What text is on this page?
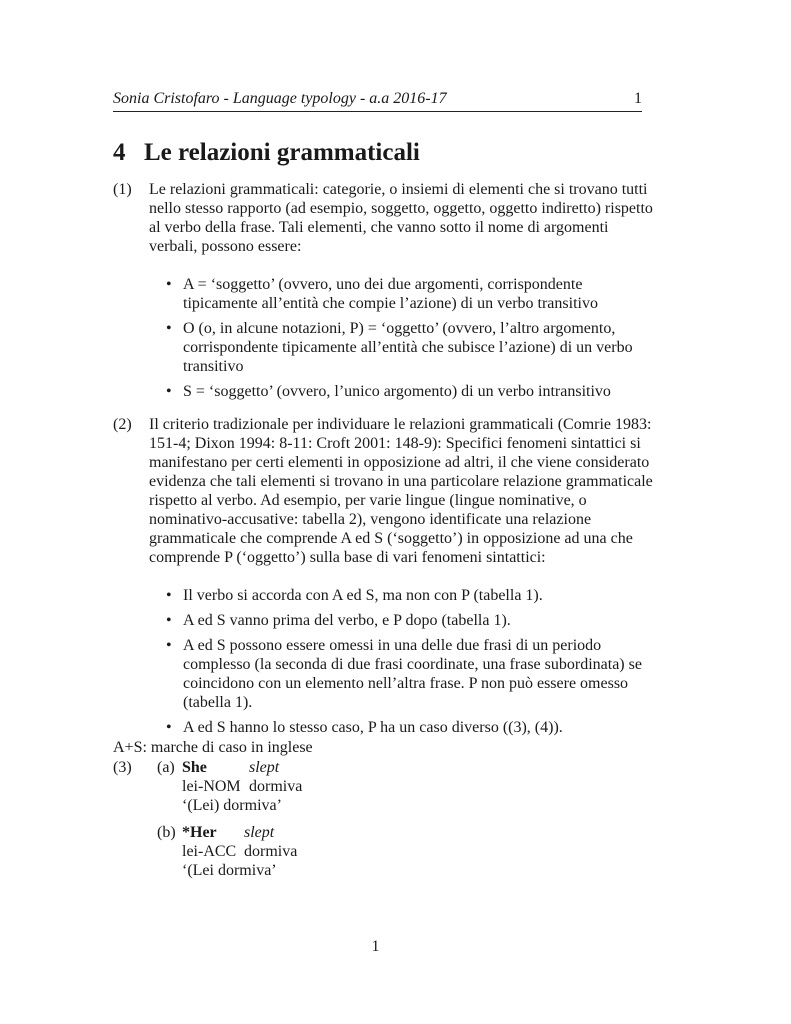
Sonia Cristofaro - Language typology - a.a 2016-17	1
4 Le relazioni grammaticali
(1) Le relazioni grammaticali: categorie, o insiemi di elementi che si trovano tutti nello stesso rapporto (ad esempio, soggetto, oggetto, oggetto indiretto) rispetto al verbo della frase. Tali elementi, che vanno sotto il nome di argomenti verbali, possono essere:

• A = ‘soggetto’ (ovvero, uno dei due argomenti, corrispondente tipicamente all’entità che compie l’azione) di un verbo transitivo
• O (o, in alcune notazioni, P) = ‘oggetto’ (ovvero, l’altro argomento, corrispondente tipicamente all’entità che subisce l’azione) di un verbo transitivo
• S = ‘soggetto’ (ovvero, l’unico argomento) di un verbo intransitivo
(2) Il criterio tradizionale per individuare le relazioni grammaticali (Comrie 1983: 151-4; Dixon 1994: 8-11: Croft 2001: 148-9): Specifici fenomeni sintattici si manifestano per certi elementi in opposizione ad altri, il che viene considerato evidenza che tali elementi si trovano in una particolare relazione grammaticale rispetto al verbo. Ad esempio, per varie lingue (lingue nominative, o nominativo-accusative: tabella 2), vengono identificate una relazione grammaticale che comprende A ed S (‘soggetto’) in opposizione ad una che comprende P (‘oggetto’) sulla base di vari fenomeni sintattici:

• Il verbo si accorda con A ed S, ma non con P (tabella 1).
• A ed S vanno prima del verbo, e P dopo (tabella 1).
• A ed S possono essere omessi in una delle due frasi di un periodo complesso (la seconda di due frasi coordinate, una frase subordinata) se coincidono con un elemento nell’altra frase. P non può essere omesso (tabella 1).
• A ed S hanno lo stesso caso, P ha un caso diverso ((3), (4)).

A+S: marche di caso in inglese

(3) (a) She	slept
lei-NOM dormiva
‘(Lei) dormiva’
(b) *Her slept
lei-ACC dormiva
‘(Lei dormiva’
1
